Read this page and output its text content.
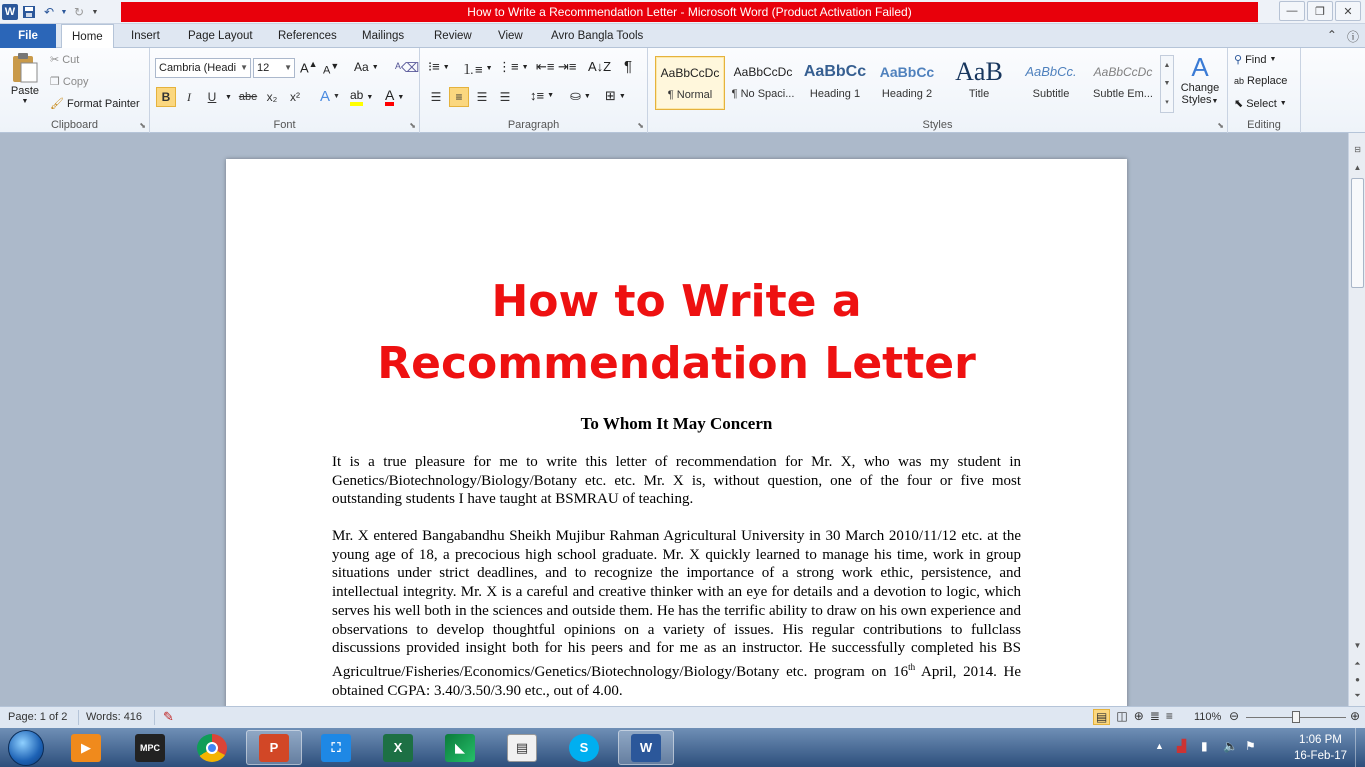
W	↶ ▼ ↻	▼	How to Write a Recommendation Letter - Microsoft Word (Product Activation Failed)	—	❐	✕
File	Home	Insert	Page Layout	References	Mailings	Review	View	Avro Bangla Tools	⌃ ⓘ
Paste
▼
✂ Cut
❐ Copy
🖌 Format Painter
Clipboard	⬊
Cambria (Headi ▼ 12 ▼ A▲
A▼ Aa ▼ ᴬ⌫
B	I	U	▼ abe x₂	x²	A ▼ ab ▼ A ▼
Font	⬊
⁝≡ ▼ ⒈≡ ▼ ⋮≡ ▼ ⇤≡ ⇥≡ A↓Z ¶
☰	≡	☰	☰	↕≡ ▼ ⛀ ▼ ⊞ ▼
Paragraph	⬊
AaBbCcDc
¶ Normal
AaBbCcDc
¶ No Spaci...
AaBbCc
Heading 1
AaBbCc
Heading 2
AaB
Title
AaBbCc.
Subtitle
AaBbCcDc
Subtle Em...
▲
▼
▾
A
Change
Styles▼
Styles	⬊
⚲ Find ▼
ab Replace
⬉ Select ▼
Editing
How to Write a
Recommendation Letter
To Whom It May Concern
It is a true pleasure for me to write this letter of recommendation for Mr. X, who was my student in Genetics/Biotechnology/Biology/Botany etc. etc. Mr. X is, without question, one of the four or five most outstanding students I have taught at BSMRAU of teaching.
Mr. X entered Bangabandhu Sheikh Mujibur Rahman Agricultural University in 30 March 2010/11/12 etc. at the young age of 18, a precocious high school graduate. Mr. X quickly learned to manage his time, work in group situations under strict deadlines, and to recognize the importance of a strong work ethic, persistence, and intellectual integrity. Mr. X is a careful and creative thinker with an eye for details and a devotion to logic, which serves his well both in the sciences and outside them. He has the terrific ability to draw on his own experience and observations to develop thoughtful opinions on a variety of issues. His regular contributions to fullclass discussions provided insight both for his peers and for me as an instructor. He successfully completed his BS Agricultrue/Fisheries/Economics/Genetics/Biotechnology/Biology/Botany etc. program on 16th April, 2014. He obtained CGPA: 3.40/3.50/3.90 etc., out of 4.00.
⊟
▲
▼
⏶
●
⏷
Page: 1 of 2 Words: 416 ✎	▤ ◫ ⊕ ≣ ≡ 110% ⊖	⊕
▶	MPC	P	⛶	X	◣	▤	S	W	▲ ▟ ▮ 🔈 ⚑	1:06 PM
16-Feb-17
